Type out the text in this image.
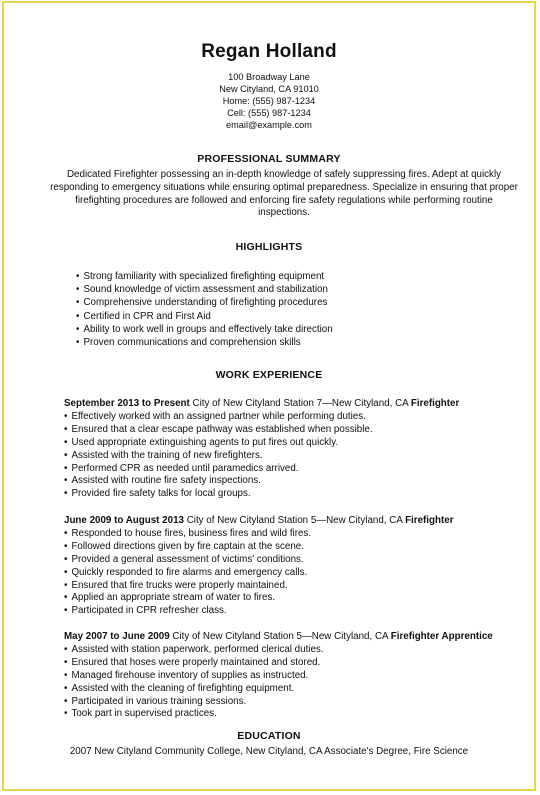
Regan Holland
100 Broadway Lane
New Cityland, CA 91010
Home: (555) 987-1234
Cell: (555) 987-1234
email@example.com
PROFESSIONAL SUMMARY
Dedicated Firefighter possessing an in-depth knowledge of safely suppressing fires. Adept at quickly responding to emergency situations while ensuring optimal preparedness. Specialize in ensuring that proper firefighting procedures are followed and enforcing fire safety regulations while performing routine inspections.
HIGHLIGHTS
• Strong familiarity with specialized firefighting equipment
• Sound knowledge of victim assessment and stabilization
• Comprehensive understanding of firefighting procedures
• Certified in CPR and First Aid
• Ability to work well in groups and effectively take direction
• Proven communications and comprehension skills
WORK EXPERIENCE
September 2013 to Present City of New Cityland Station 7—New Cityland, CA Firefighter
• Effectively worked with an assigned partner while performing duties.
• Ensured that a clear escape pathway was established when possible.
• Used appropriate extinguishing agents to put fires out quickly.
• Assisted with the training of new firefighters.
• Performed CPR as needed until paramedics arrived.
• Assisted with routine fire safety inspections.
• Provided fire safety talks for local groups.
June 2009 to August 2013 City of New Cityland Station 5—New Cityland, CA Firefighter
• Responded to house fires, business fires and wild fires.
• Followed directions given by fire captain at the scene.
• Provided a general assessment of victims' conditions.
• Quickly responded to fire alarms and emergency calls.
• Ensured that fire trucks were properly maintained.
• Applied an appropriate stream of water to fires.
• Participated in CPR refresher class.
May 2007 to June 2009 City of New Cityland Station 5—New Cityland, CA Firefighter Apprentice
• Assisted with station paperwork, performed clerical duties.
• Ensured that hoses were properly maintained and stored.
• Managed firehouse inventory of supplies as instructed.
• Assisted with the cleaning of firefighting equipment.
• Participated in various training sessions.
• Took part in supervised practices.
EDUCATION
2007 New Cityland Community College, New Cityland, CA Associate's Degree, Fire Science
